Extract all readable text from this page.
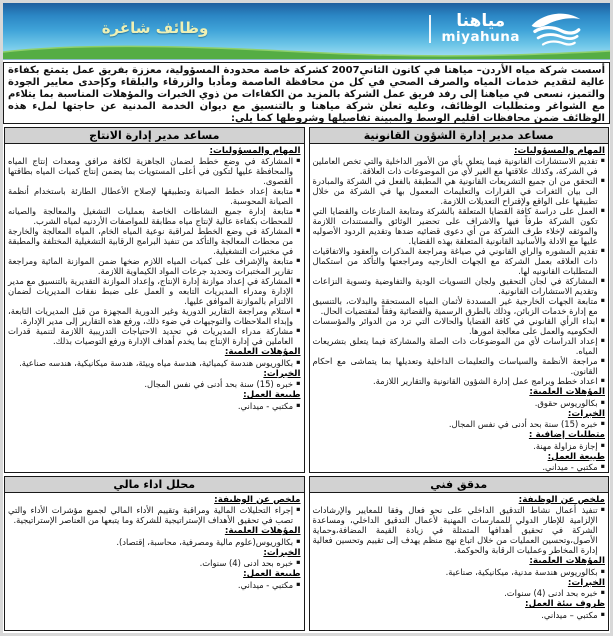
وظائف شاغرة	مياهنا
miyahuna
أسست شركة مياه الأردن– مياهنا في كانون الثاني2007 كشركة خاصة محدودة المسؤولية، معززة بفريق عمل يتمتع بكفاءة عالية لتقديم خدمات المياه والصرف الصحي في كل من محافظة العاصمة ومأدبا والزرقاء والبلقاء وكإحدى معايير الجودة والتميز، نسعى في مياهنا إلى رفد فريق عمل الشركة بالمزيد من الكفاءات من ذوي الخبرات والمؤهلات المناسبة بما يتلاءم مع الشواغر ومتطلبات الوظائف، وعليه تعلن شركة مياهنا و بالتنسيق مع ديوان الخدمة المدنية عن حاجتها لملء هذه الوظائف ضمن محافظات اقليم الوسط والمبينة تفاصيلها وشروطها كما يلي:
مساعد مدير إدارة الشؤون القانونية
المهام والمسؤوليات:
▪
تقديم الاستشارات القانونية فيما يتعلق بأي من الأمور الداخلية والتي تخص العاملين في الشركة، وكذلك علاقتها مع الغير لأي من الموضوعات ذات العلاقة.
▪
التحقق من ان جميع التشريعات القانونية هي المطبقة بالفعل في الشركة والمبادرة الى بيان الثغرات في القرارات والتعليمات المعمول بها في الشركة من خلال تطبيقها على الواقع ولإقتراح التعديلات اللازمة.
▪
العمل على دراسة كافة القضايا المتعلقة بالشركة ومتابعة المنازعات والقضايا التي تكون الشركة طرفاً فيها والاشراف على تحضير الوثائق والمستندات اللازمة والموثقه لإخلاء طرف الشركة من أي دعوى قضائيه ضدها وتقديم الردود الأصوليه عليها مع الادلة والأسانيد القانونية المتعلقة بهذه القضايا.
▪
تقديم المشوره والراي القانوني في صياغة ومراجعة المذكرات والعقود والاتفاقيات ذات العلاقه بعمل الشركة مع الجهات الخارجيه ومراجعتها والتأكد من استكمال المتطلبات القانونيه لها.
▪
المشاركة في لجان التحقيق ولجان التسويات الودية والتفاوضية وتسوية النزاعات وتقديم الاستشارات القانونية.
▪
متابعة الجهات الخارجية غير المسددة لأثمان المياه المستحقة والبدلات، بالتنسيق مع إدارة خدمات الزبائن، وذلك بالطرق الرسمية والقضائية وفقاً لمقتضيات الحال.
▪
ابداء الرأي القانوني في كافة القضايا والحالات التي ترد من الدوائر والمؤسسات الحكوميه والعمل على معالجة امورها.
▪
إعداد الدراسات لأي من الموضوعات ذات الصلة والمشاركة فيما يتعلق بتشريعات المياه.
▪
مراجعة الأنظمة والسياسات والتعليمات الداخلية وتعديلها بما يتماشى مع احكام القانون.
▪
اعداد خطط وبرامج عمل إدارة الشؤون القانونية والتقارير اللازمة.
المؤهلات العلمية:
▪
بكالوريوس حقوق.
الخبرات:
▪
خبره (15) سنة بحد أدنى في نفس المجال.
متطلبات إضافية :
▪
إجازة مزاولة مهنة.
طبيعة العمل:
▪
مكتبي - ميداني.
مساعد مدير إدارة الانتاج
المهام والمسؤوليات:
▪
المشاركة في وضع خطط لضمان الجاهزية لكافة مرافق ومعدات إنتاج المياه والمحافظة عليها لتكون في أعلى المستويات بما يضمن إنتاج كميات المياه بطاقتها القصوى.
▪
متابعة إعداد خطط الصيانة وتطبيقها لإصلاح الأعطال الطارئة باستخدام أنظمة الصيانة المحوسبة.
▪
متابعة إدارة جميع النشاطات الخاصة بعمليات التشغيل والمعالجة والصيانه للمحطات بكفاءة عالية لإنتاج مياه مطابقة للمواصفات الأردنيه لمياه الشرب.
▪
المشاركة في وضع الخطط لمراقبة نوعية المياه الخام، المياه المعالجة والخارجة من محطات المعالجة والتأكد من تنفيذ البرامج الرقابية التشغيلية المختلفة والمطبقة في مختبرات التشغيلية.
▪
متابعة والإشراف على كميات المياه اللازم ضخها ضمن الموازنة المائية ومراجعة تقارير المختبرات وتحديد جرعات المواد الكيماوية اللازمة.
▪
المشاركة في إعداد موازنة إدارة الإنتاج، وإعداد الموازنة التقديرية بالتنسيق مع مدير الإدارة ومدراء المديريات التابعه و العمل على ضبط نفقات المديريات لضمان الالتزام بالموازنة الموافق عليها.
▪
استلام ومراجعة التقارير الدورية وغير الدورية المجهزة من قبل المديريات التابعة، وإبداء الملاحظات والتوجيهات في ضوء ذلك، ورفع هذه التقارير إلى مدير الإدارة.
▪
مشاركة مدراء المديريات في تحديد الاحتياجات التدريبية اللازمة لتنمية قدرات العاملين في إدارة الإنتاج بما يخدم أهداف الإدارة ورفع التوصيات بذلك.
المؤهلات العلمية:
▪
بكالوريوس هندسة كيميائية، هندسة مياه وبيئة، هندسة ميكانيكية، هندسه صناعية.
الخبرات:
▪
خبره (15) سنة بحد أدنى في نفس المجال.
طبيعة العمل:
▪
مكتبي - ميداني.
مدقق فني
ملخص عن الوظيفة:
▪
تنفيذ أعمال نشاط التدقيق الداخلي على نحو فعال وفقا للمعايير والإرشادات الإلزامية للإطار الدولي للممارسات المهنية لأعمال التدقيق الداخلي، ومساعدة الشركة في تحقيق أهدافها المتمثلة في زيادة القيمة المضافة،وحماية الأصول،وتحسين العمليات من خلال اتباع نهج منظم يهدف إلى تقييم وتحسين فعالية إدارة المخاطر وعمليات الرقابة والحوكمة.
المؤهلات العلمية:
▪
بكالوريوس هندسة مدنية، ميكانيكية، صناعية.
الخبرات:
▪
خبره بحد ادنى (4) سنوات.
ظروف بيئة العمل:
▪
مكتبي – ميداني.
محلل اداء مالي
ملخص عن الوظيفة:
▪
إجراء التحليلات المالية ومراقبة وتقييم الأداء المالي لجميع مؤشرات الأداء والتي تصب في تحقيق الأهداف الإستراتيجية للشركة وما يتبعها من العناصر الإستراتيجية.
المؤهلات العلمية:
▪
بكالوريوس(علوم مالية ومصرفية، محاسبة، إقتصاد).
الخبرات:
▪
خبره بحد ادنى (4) سنوات.
طبيعة العمل:
▪
مكتبي - ميداني.
